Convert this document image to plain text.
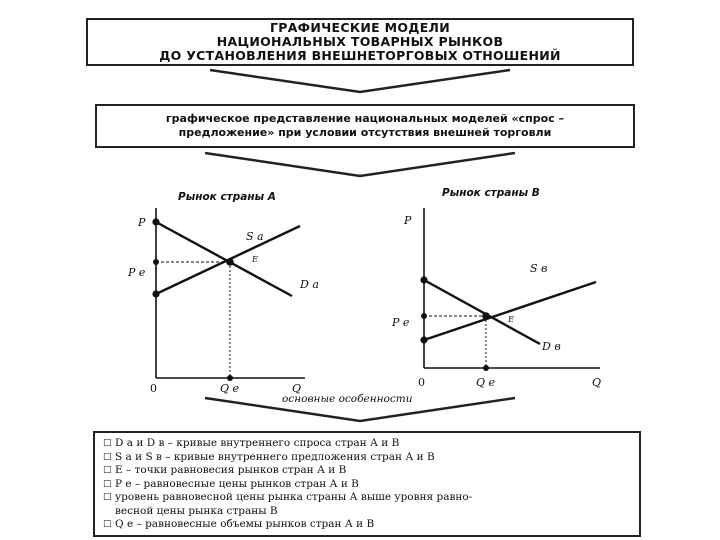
ГРАФИЧЕСКИЕ МОДЕЛИ
НАЦИОНАЛЬНЫХ ТОВАРНЫХ РЫНКОВ
ДО УСТАНОВЛЕНИЯ ВНЕШНЕТОРГОВЫХ ОТНОШЕНИЙ
графическое представление национальных моделей «спрос –
предложение» при условии отсутствия внешней торговли
Рынок страны А
P
0	Q
S а
D а
E
P е
Q е
Рынок страны В
P
0	Q
S в
D в
E
P е
Q е
основные особенности
□ D а и D в – кривые внутреннего спроса стран А и В
□ S а и S в – кривые внутреннего предложения стран А и В
□ E – точки равновесия рынков стран А и В
□ P е – равновесные цены рынков стран А и В
□ уровень равновесной цены рынка страны А выше уровня равно-
весной цены рынка страны В
□ Q е – равновесные объемы рынков стран А и В
